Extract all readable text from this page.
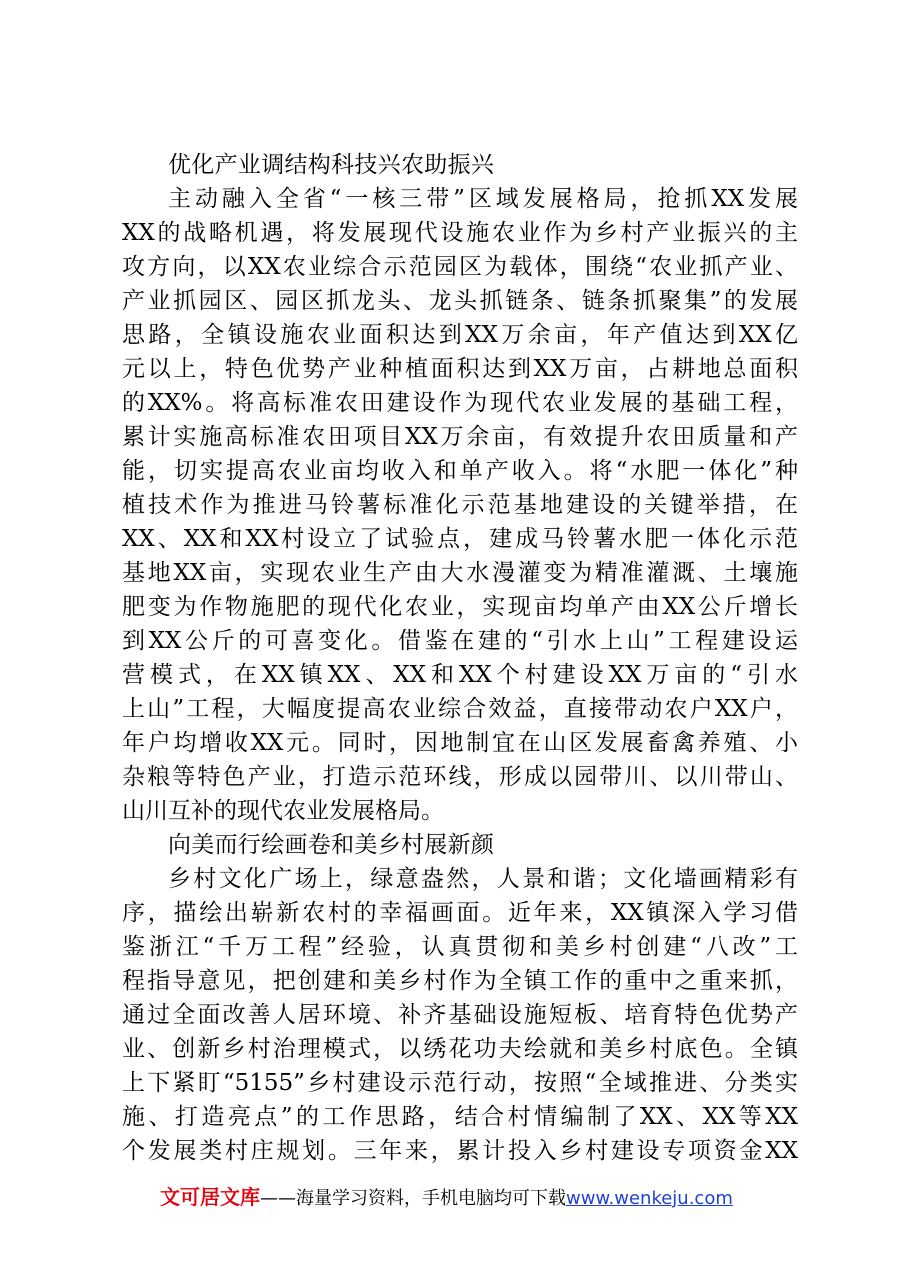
优化产业调结构科技兴农助振兴
主动融入全省“一核三带”区域发展格局，抢抓XX发展
XX的战略机遇，将发展现代设施农业作为乡村产业振兴的主
攻方向，以XX农业综合示范园区为载体，围绕“农业抓产业、
产业抓园区、园区抓龙头、龙头抓链条、链条抓聚集”的发展
思路，全镇设施农业面积达到XX万余亩，年产值达到XX亿
元以上，特色优势产业种植面积达到XX万亩，占耕地总面积
的XX%。将高标准农田建设作为现代农业发展的基础工程，
累计实施高标准农田项目XX万余亩，有效提升农田质量和产
能，切实提高农业亩均收入和单产收入。将“水肥一体化”种
植技术作为推进马铃薯标准化示范基地建设的关键举措，在
XX、XX和XX村设立了试验点，建成马铃薯水肥一体化示范
基地XX亩，实现农业生产由大水漫灌变为精准灌溉、土壤施
肥变为作物施肥的现代化农业，实现亩均单产由XX公斤增长
到XX公斤的可喜变化。借鉴在建的“引水上山”工程建设运
营模式，在XX镇XX、XX和XX个村建设XX万亩的“引水
上山”工程，大幅度提高农业综合效益，直接带动农户XX户，
年户均增收XX元。同时，因地制宜在山区发展畜禽养殖、小
杂粮等特色产业，打造示范环线，形成以园带川、以川带山、
山川互补的现代农业发展格局。
向美而行绘画卷和美乡村展新颜
乡村文化广场上，绿意盎然，人景和谐；文化墙画精彩有
序，描绘出崭新农村的幸福画面。近年来，XX镇深入学习借
鉴浙江“千万工程”经验，认真贯彻和美乡村创建“八改”工
程指导意见，把创建和美乡村作为全镇工作的重中之重来抓，
通过全面改善人居环境、补齐基础设施短板、培育特色优势产
业、创新乡村治理模式，以绣花功夫绘就和美乡村底色。全镇
上下紧盯“5155”乡村建设示范行动，按照“全域推进、分类实
施、打造亮点”的工作思路，结合村情编制了XX、XX等XX
个发展类村庄规划。三年来，累计投入乡村建设专项资金XX
文可居文库——海量学习资料，手机电脑均可下载www.wenkeju.com
